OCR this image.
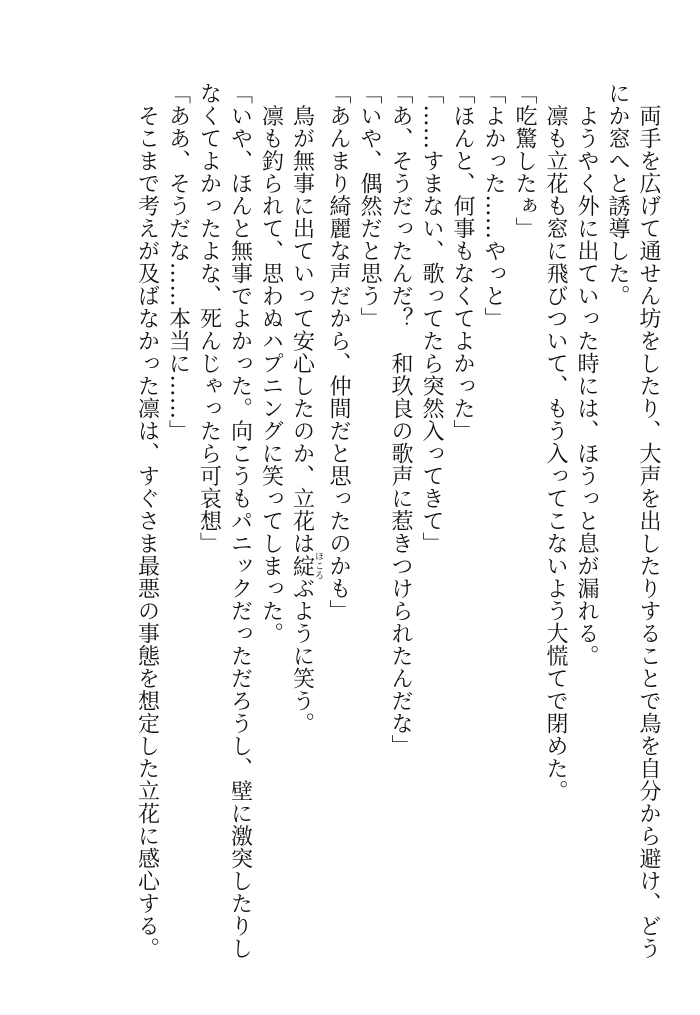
　両手を広げて通せん坊をしたり、大声を出したりすることで鳥を自分から避け、どうにか窓へと誘導した。

　ようやく外に出ていった時には、ほうっと息が漏れる。

　凛も立花も窓に飛びついて、もう入ってこないよう大慌てで閉めた。

「吃驚したぁ」

「よかった……やっと」

「ほんと、何事もなくてよかった」

「……すまない、歌ってたら突然入ってきて」

「あ、そうだったんだ？　和玖良の歌声に惹きつけられたんだな」

「いや、偶然だと思う」

「あんまり綺麗な声だから、仲間だと思ったのかも」

　鳥が無事に出ていって安心したのか、立花は綻ほころぶように笑う。

　凛も釣られて、思わぬハプニングに笑ってしまった。

「いや、ほんと無事でよかった。向こうもパニックだっただろうし、壁に激突したりしなくてよかったよな、死んじゃったら可哀想」

「ああ、そうだな……本当に……」

　そこまで考えが及ばなかった凛は、すぐさま最悪の事態を想定した立花に感心する。
